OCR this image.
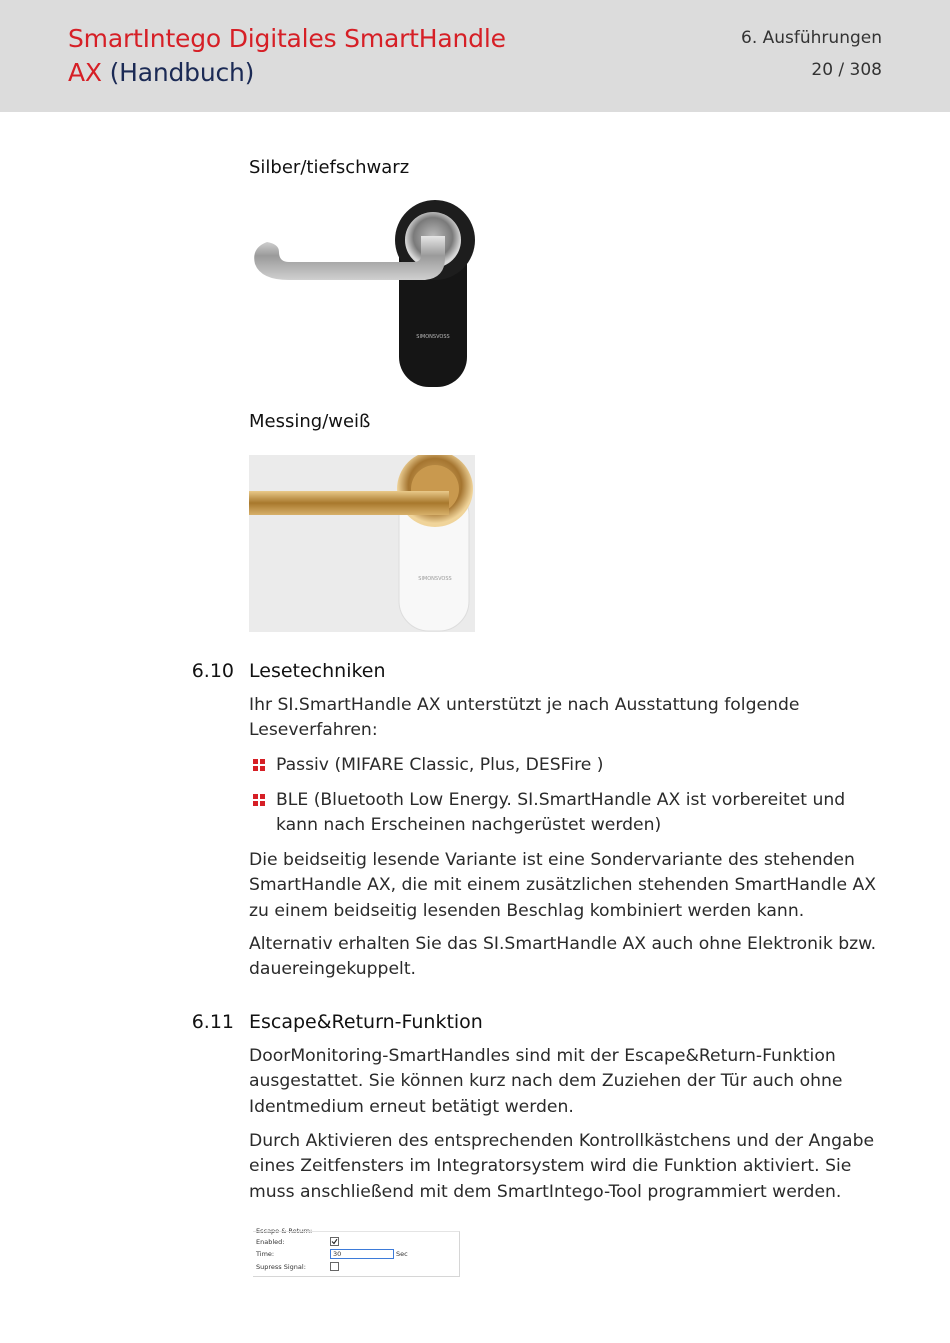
SmartIntego Digitales SmartHandle
AX (Handbuch)
6. Ausführungen
20 / 308
Silber/tiefschwarz
SIMONSVOSS
Messing/weiß
SIMONSVOSS
6.10 Lesetechniken

Ihr SI.SmartHandle AX unterstützt je nach Ausstattung folgende Leseverfahren:

Passiv (MIFARE Classic, Plus, DESFire )
BLE (Bluetooth Low Energy. SI.SmartHandle AX ist vorbereitet und kann nach Erscheinen nachgerüstet werden)

Die beidseitig lesende Variante ist eine Sondervariante des stehenden SmartHandle AX, die mit einem zusätzlichen stehenden SmartHandle AX zu einem beidseitig lesenden Beschlag kombiniert werden kann.

Alternativ erhalten Sie das SI.SmartHandle AX auch ohne Elektronik bzw. dauereingekuppelt.

6.11 Escape&Return-Funktion

DoorMonitoring-SmartHandles sind mit der Escape&Return-Funktion ausgestattet. Sie können kurz nach dem Zuziehen der Tür auch ohne Identmedium erneut betätigt werden.

Durch Aktivieren des entsprechenden Kontrollkästchens und der Angabe eines Zeitfensters im Integratorsystem wird die Funktion aktiviert. Sie muss anschließend mit dem SmartIntego-Tool programmiert werden.

Escape & Return:
Enabled:
Time:	30	Sec
Supress Signal:
